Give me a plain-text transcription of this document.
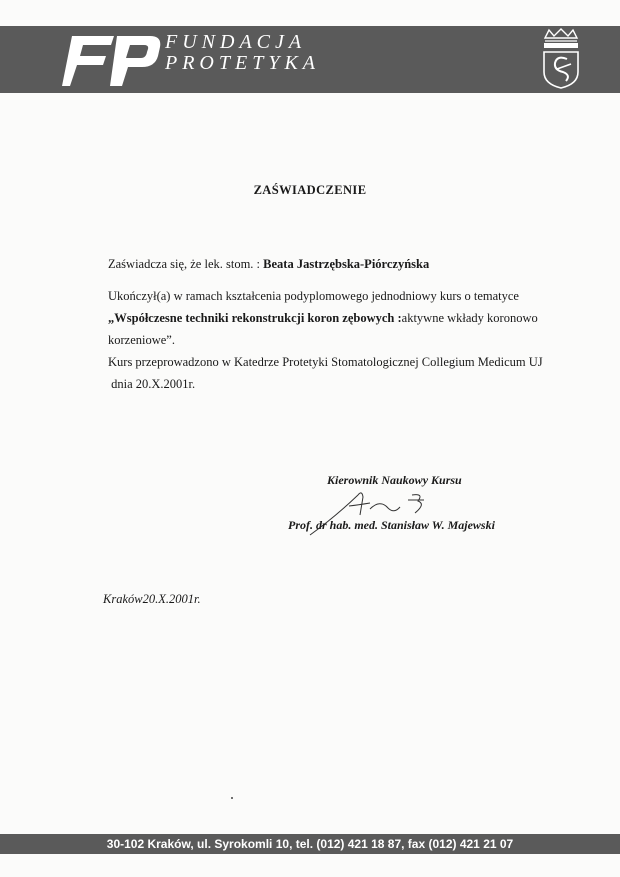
FUNDACJA
PROTETYKA
ZAŚWIADCZENIE
Zaświadcza się, że lek. stom. : Beata Jastrzębska-Piórczyńska
Ukończył(a) w ramach kształcenia podyplomowego jednodniowy kurs o tematyce
„Współczesne techniki rekonstrukcji koron zębowych :aktywne wkłady koronowo
korzeniowe”.
Kurs przeprowadzono w Katedrze Protetyki Stomatologicznej Collegium Medicum UJ
dnia 20.X.2001r.
Kierownik Naukowy Kursu
Prof. dr hab. med. Stanisław W. Majewski
Kraków20.X.2001r.
30-102 Kraków, ul. Syrokomli 10, tel. (012) 421 18 87, fax (012) 421 21 07
